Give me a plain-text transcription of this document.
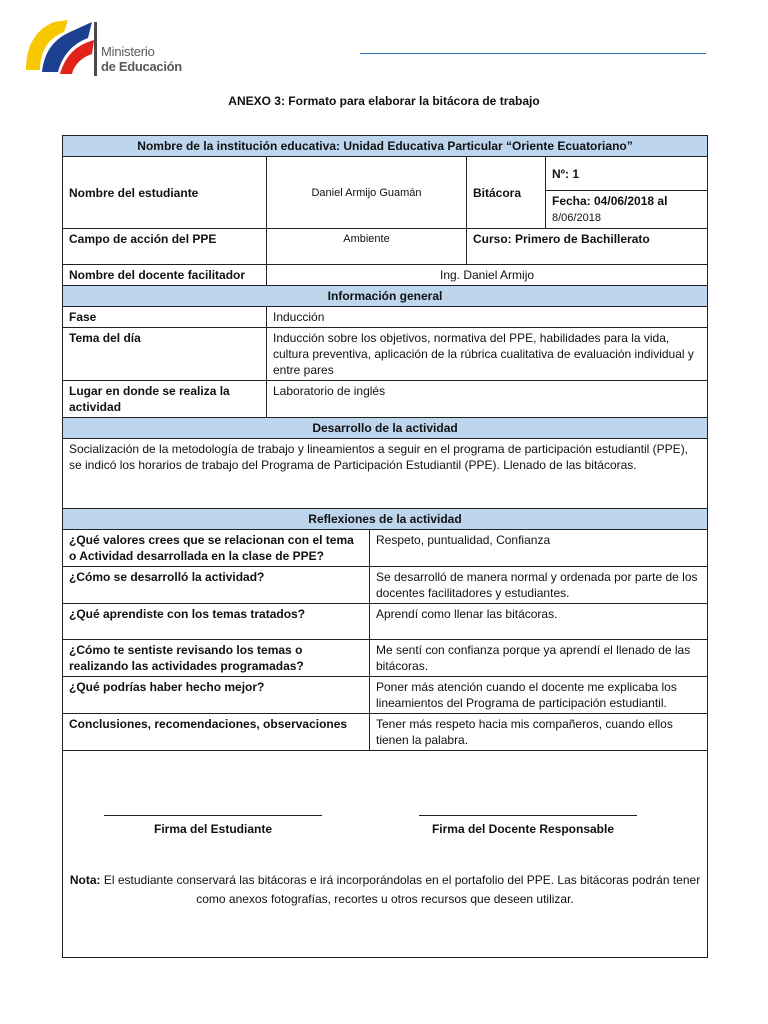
Ministerio
de Educación
ANEXO 3: Formato para elaborar la bitácora de trabajo
Nombre de la institución educativa: Unidad Educativa Particular “Oriente Ecuatoriano”				
Nombre del estudiante	Daniel Armijo Guamán		Bitácora	Nº: 1
				Fecha: 04/06/2018 al
8/06/2018
Campo de acción del PPE	Ambiente		Curso: Primero de Bachillerato	
Nombre del docente facilitador	Ing. Daniel Armijo			
Información general				
Fase	Inducción			
Tema del día	Inducción sobre los objetivos, normativa del PPE, habilidades para la vida, cultura preventiva, aplicación de la rúbrica cualitativa de evaluación individual y entre pares			
Lugar en donde se realiza la actividad	Laboratorio de inglés			
Desarrollo de la actividad				
Socialización de la metodología de trabajo y lineamientos a seguir en el programa de participación estudiantil (PPE), se indicó los horarios de trabajo del Programa de Participación Estudiantil (PPE). Llenado de las bitácoras.				
Reflexiones de la actividad				
¿Qué valores crees que se relacionan con el tema o Actividad desarrollada en la clase de PPE?		Respeto, puntualidad, Confianza		
¿Cómo se desarrolló la actividad?		Se desarrolló de manera normal y ordenada por parte de los docentes facilitadores y estudiantes.		
¿Qué aprendiste con los temas tratados?		Aprendí como llenar las bitácoras.		
¿Cómo te sentiste revisando los temas o realizando las actividades programadas?		Me sentí con confianza porque ya aprendí el llenado de las bitácoras.		
¿Qué podrías haber hecho mejor?		Poner más atención cuando el docente me explicaba los lineamientos del Programa de participación estudiantil.		
Conclusiones, recomendaciones, observaciones		Tener más respeto hacia mis compañeros, cuando ellos tienen la palabra.		

Firma del Estudiante Firma del Docente Responsable
Nota: El estudiante conservará las bitácoras e irá incorporándolas en el portafolio del PPE. Las bitácoras podrán tener como anexos fotografías, recortes u otros recursos que deseen utilizar.				
